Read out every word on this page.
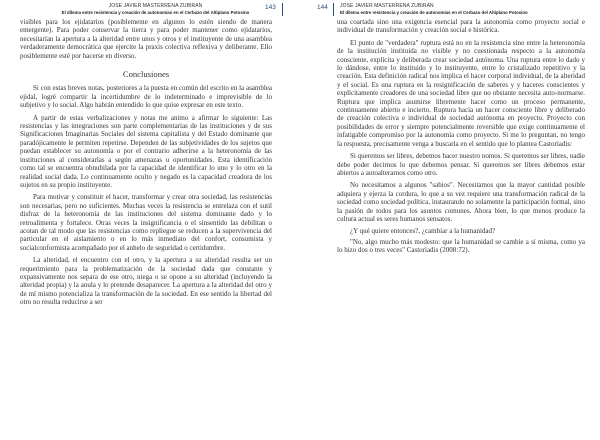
JOSE JAVIER MASTERRENA ZUBIRAN
El dilema entre resistencia y creación de autonomías en el Cerbazo del Altiplano Potosino
143

visibles para los ejidatarios (posiblemente en algunos lo estén siendo de manera emergente). Para poder conservar la tierra y para poder mantener como ejidatarios, necesitarían la apertura a la alteridad entre unos y otros y el instituyente de una asamblea verdaderamente democrática que ejercite la praxis colectiva reflexiva y deliberante. Ello posiblemente esté por hacerse en diverso.

Conclusiones

Si con estas breves notas, posteriores a la puesta en común del escrito en la asamblea ejidal, logré compartir la incertidumbre de lo indeterminado e imprevisible de lo subjetivo y lo social. Algo habrán entendido lo que quise expresar en este texto.

A partir de estas verbalizaciones y notas me animo a afirmar lo siguiente: Las resistencias y las integraciones son parte complementarias de las instituciones y de sus Significaciones Imaginarias Sociales del sistema capitalista y del Estado dominante que paradójicamente le permiten repetirse. Dependen de las subjetividades de los sujetos que puedan establecer su autonomía o por el contrario adherirse a la heteronomía de las instituciones al considerarlas a según amenazas u oportunidades. Esta identificación como tal se encuentra obnubilada por la capacidad de identificar lo uno y lo otro en la realidad social dada. Lo continuamente oculto y negado es la capacidad creadora de los sujetos en su propio instituyente.

Para motivar y constituir el hacer, transformar y crear otra sociedad, las resistencias son necesarias, pero no suficientes. Muchas veces la resistencia se entrelaza con el sutil disfraz de la heteronomía de las instituciones del sistema dominante dado y lo retroalimenta y fortalece. Otras veces la insignificancia o el sinsentido las debilitan o acotan de tal modo que las resistencias como repliegue se reducen a la supervivencia del particular en el aislamiento o en lo más inmediato del confort, consumista y socialconformista acompañado por el anhelo de seguridad o certidumbre.

La alteridad, el encuentro con el otro, y la apertura a su alteridad resulta ser un requerimiento para la problematización de la sociedad dada que constante y expansivamente nos separa de ese otro, niega o se opone a su alteridad (incluyendo la alteridad propia) y la anula y lo pretende desaparecer. La apertura a la alteridad del otro y de mí mismo potencializa la transformación de la sociedad. En ese sentido la libertad del otro no resulta reducirse a ser

144 JOSE JAVIER MASTERRENA ZUBIRAN
El dilema entre resistencia y creación de autonomías en el Cerbazo del Altiplano Potosino

una coartada sino una exigencia esencial para la autonomía como proyecto social e individual de transformación y creación social e histórica.

El punto de "verdadera" ruptura está no en la resistencia sino entre la heteronomía de la institución instituida no visible y no cuestionada respecto a la autonomía consciente, explícita y deliberada crear sociedad autónoma. Una ruptura entre lo dado y lo dándose, entre lo instituido y lo instituyente, entre lo cristalizado repetitivo y la creación. Esta definición radical nos implica el hacer corporal individual, de la alteridad y el social. Es una ruptura en la resignificación de saberes y y haceres conscientes y explícitamente creadores de una sociedad libre que no obstante necesita auto-normarse. Ruptura que implica asumirse libremente hacer como un proceso permanente, continuamente abierto e incierto. Ruptura hacia un hacer consciente libre y deliberado de creación colectiva e individual de sociedad autónoma en proyecto. Proyecto con posibilidades de error y siempre potencialmente reversible que exige continuamente el infatigable compromiso por la autonomía como proyecto. Si me lo preguntan, no tengo la respuesta, precisamente venga a buscarla en el sentido que lo plantea Castoriadis:

Si queremos ser libres, debemos hacer nuestro nomos. Si queremos ser libres, nadie debe poder decirnos lo que debemos pensar. Si queremos ser libres debemos estar abiertos a autoalterarnos como otro.

No necesitamos a algunos "sabios". Necesitamos que la mayor cantidad posible adquiera y ejerza la cordura, lo que a su vez requiere una transformación radical de la sociedad como sociedad política, instaurando no solamente la participación formal, sino la pasión de todos para los asuntos comunes. Ahora bien, lo que menos produce la cultura actual es seres humanos sensatos.

¿Y qué quiere entonces?, ¿cambiar a la humanidad?

"No, algo mucho más modesto: que la humanidad se cambie a sí misma, como ya lo hizo dos o tres veces" Castoriadis (2008:72).
